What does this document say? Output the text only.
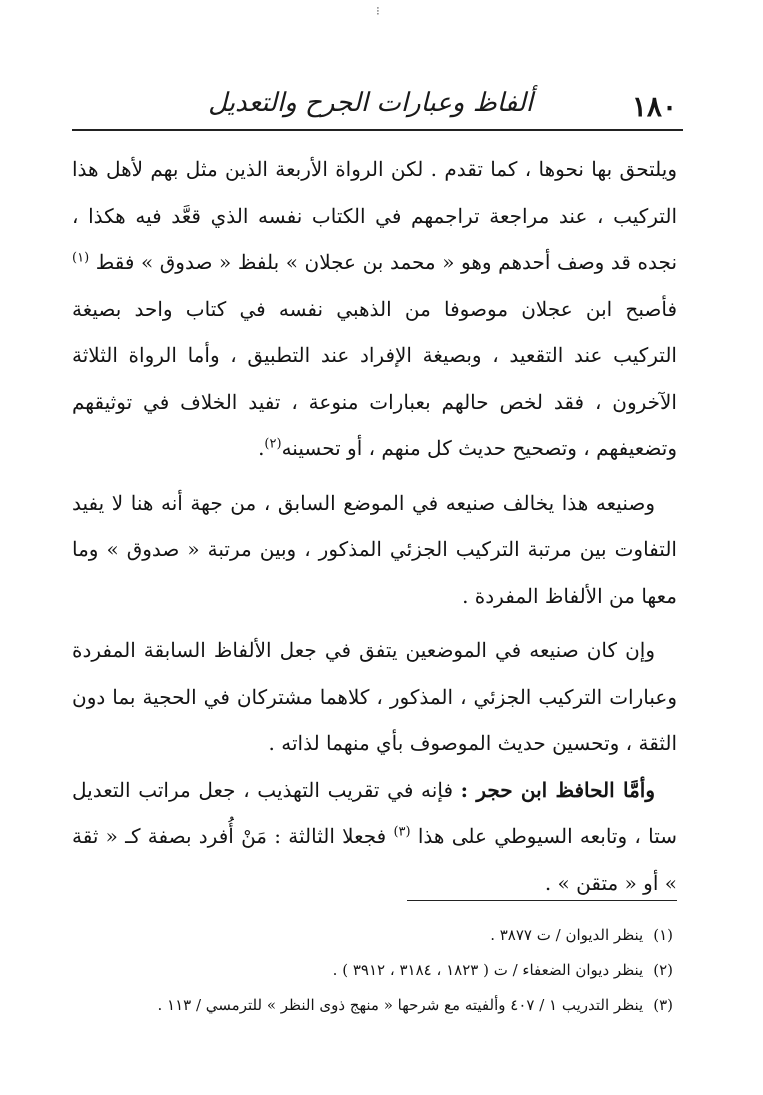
⁝
١٨٠
ألفاظ وعبارات الجرح والتعديل

ويلتحق بها نحوها ، كما تقدم . لكن الرواة الأربعة الذين مثل بهم لأهل هذا التركيب ، عند مراجعة تراجمهم في الكتاب نفسه الذي قعَّد فيه هكذا ، نجده قد وصف أحدهم وهو « محمد بن عجلان » بلفظ « صدوق » فقط $^{(١)}$ فأصبح ابن عجلان موصوفا من الذهبي نفسه في كتاب واحد بصيغة التركيب عند التقعيد ، وبصيغة الإفراد عند التطبيق ، وأما الرواة الثلاثة الآخرون ، فقد لخص حالهم بعبارات منوعة ، تفيد الخلاف في توثيقهم وتضعيفهم ، وتصحيح حديث كل منهم ، أو تحسينه$^{(٢)}$.

وصنيعه هذا يخالف صنيعه في الموضع السابق ، من جهة أنه هنا لا يفيد التفاوت بين مرتبة التركيب الجزئي المذكور ، وبين مرتبة « صدوق » وما معها من الألفاظ المفردة .

وإن كان صنيعه في الموضعين يتفق في جعل الألفاظ السابقة المفردة وعبارات التركيب الجزئي ، المذكور ، كلاهما مشتركان في الحجية بما دون الثقة ، وتحسين حديث الموصوف بأي منهما لذاته .

وأمَّا الحافظ ابن حجر : فإنه في تقريب التهذيب ، جعل مراتب التعديل ستا ، وتابعه السيوطي على هذا $^{(٣)}$ فجعلا الثالثة : مَنْ أُفرد بصفة كـ « ثقة » أو « متقن » .

(١)ينظر الديوان / ت ٣٨٧٧ .
(٢)ينظر ديوان الضعفاء / ت ( ١٨٢٣ ، ٣١٨٤ ، ٣٩١٢ ) .
(٣)ينظر التدريب ١ / ٤٠٧ وألفيته مع شرحها « منهج ذوى النظر » للترمسي / ١١٣ .
